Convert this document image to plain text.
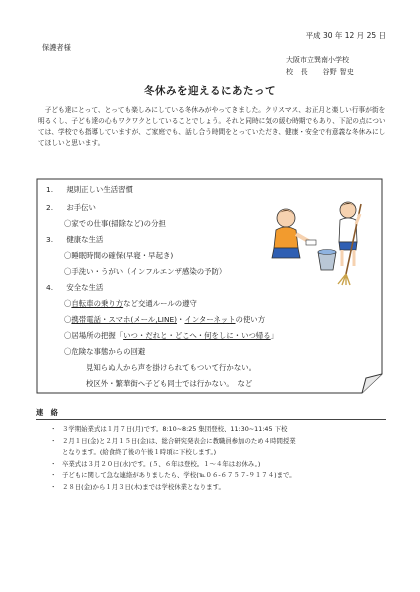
平成 30 年 12 月 25 日
保護者様
大阪市立巽南小学校
校　長　　谷野 智史
冬休みを迎えるにあたって
子ども達にとって、とっても楽しみにしている冬休みがやってきました。クリスマス、お正月と楽しい行事が街を明るくし、子ども達の心もワクワクとしていることでしょう。それと同時に気の緩む時期でもあり、下記の点については、学校でも指導していますが、ご家庭でも、話し合う時間をとっていただき、健康・安全で有意義な冬休みにしてほしいと思います。
1. 規則正しい生活習慣
2. お手伝い
〇家での仕事(掃除など)の分担
3. 健康な生活
〇睡眠時間の確保(早寝・早起き)
〇手洗い・うがい（インフルエンザ感染の予防）
4. 安全な生活
〇自転車の乗り方など交通ルールの遵守
〇携帯電話・スマホ(メール,LINE)・インターネットの使い方
〇居場所の把握「いつ・だれと・どこへ・何をしに・いつ帰る」
〇危険な事態からの回避
見知らぬ人から声を掛けられてもついて行かない。
校区外・繁華街へ子ども同士では行かない。　など
連　絡
・ ３学期始業式は１月７日(月)です。8:10~8:25 集団登校、11:30~11:45 下校
・ ２月１日(金)と２月１５日(金)は、総合研究発表会に教職員参加のため４時間授業
となります。(給食終了後の午後１時頃に下校します。)
・ 卒業式は３月２０日(水)です。(５、６年は登校。１～４年はお休み。)
・ 子どもに関して急な連絡がありましたら、学校(℡０６-６７５７-９１７４)まで。
・ ２８日(金)から１月３日(木)までは学校休業となります。
